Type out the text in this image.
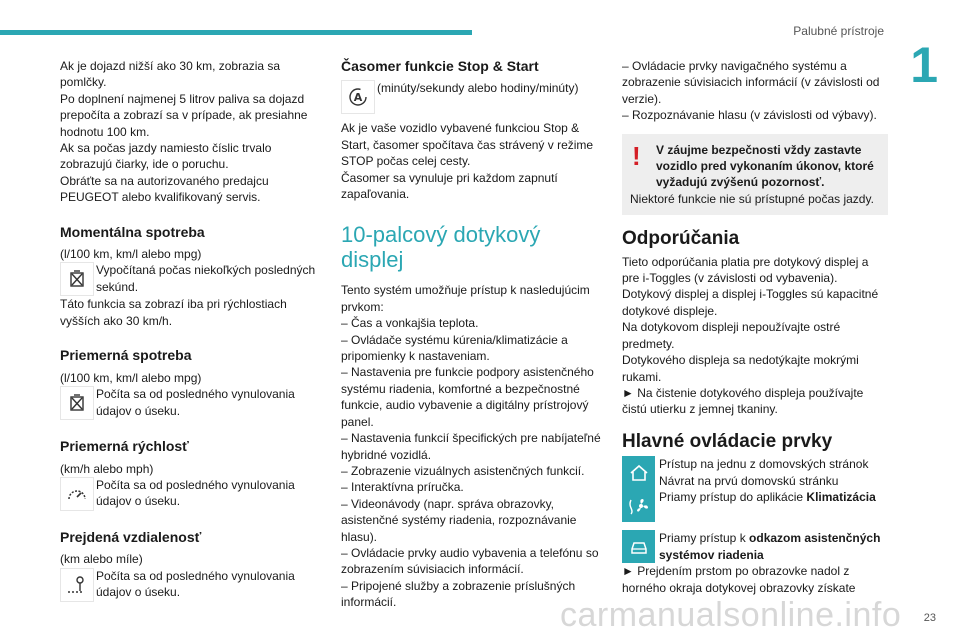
Palubné prístroje
1

Ak je dojazd nižší ako 30 km, zobrazia sa pomlčky.

Po doplnení najmenej 5 litrov paliva sa dojazd prepočíta a zobrazí sa v prípade, ak presiahne hodnotu 100 km.

Ak sa počas jazdy namiesto číslic trvalo zobrazujú čiarky, ide o poruchu.

Obráťte sa na autorizovaného predajcu PEUGEOT alebo kvalifikovaný servis.

Momentálna spotreba

(l/100 km, km/l alebo mpg)

Vypočítaná počas niekoľkých posledných sekúnd.

Táto funkcia sa zobrazí iba pri rýchlostiach vyšších ako 30 km/h.

Priemerná spotreba

(l/100 km, km/l alebo mpg)

Počíta sa od posledného vynulovania údajov o úseku.

Priemerná rýchlosť

(km/h alebo mph)

Počíta sa od posledného vynulovania údajov o úseku.

Prejdená vzdialenosť

(km alebo míle)

Počíta sa od posledného vynulovania údajov o úseku.

Časomer funkcie Stop & Start
A

(minúty/sekundy alebo hodiny/minúty)

Ak je vaše vozidlo vybavené funkciou Stop & Start, časomer spočítava čas strávený v režime STOP počas celej cesty.

Časomer sa vynuluje pri každom zapnutí zapaľovania.

10-palcový dotykový displej

Tento systém umožňuje prístup k nasledujúcim prvkom:

– Čas a vonkajšia teplota.

– Ovládače systému kúrenia/klimatizácie a pripomienky k nastaveniam.

– Nastavenia pre funkcie podpory asistenčného systému riadenia, komfortné a bezpečnostné funkcie, audio vybavenie a digitálny prístrojový panel.

– Nastavenia funkcií špecifických pre nabíjateľné hybridné vozidlá.

– Zobrazenie vizuálnych asistenčných funkcií.

– Interaktívna príručka.

– Videonávody (napr. správa obrazovky, asistenčné systémy riadenia, rozpoznávanie hlasu).

– Ovládacie prvky audio vybavenia a telefónu so zobrazením súvisiacich informácií.

– Pripojené služby a zobrazenie príslušných informácií.

– Ovládacie prvky navigačného systému a zobrazenie súvisiacich informácií (v závislosti od verzie).

– Rozpoznávanie hlasu (v závislosti od výbavy).

!	V záujme bezpečnosti vždy zastavte vozidlo pred vykonaním úkonov, ktoré vyžadujú zvýšenú pozornosť.

Niektoré funkcie nie sú prístupné počas jazdy.

Odporúčania

Tieto odporúčania platia pre dotykový displej a pre i-Toggles (v závislosti od vybavenia).

Dotykový displej a displej i-Toggles sú kapacitné dotykové displeje.

Na dotykovom displeji nepoužívajte ostré predmety.

Dotykového displeja sa nedotýkajte mokrými rukami.

► Na čistenie dotykového displeja používajte čistú utierku z jemnej tkaniny.

Hlavné ovládacie prvky

Prístup na jednu z domovských stránok

Návrat na prvú domovskú stránku

Priamy prístup do aplikácie Klimatizácia

Priamy prístup k odkazom asistenčných systémov riadenia

► Prejdením prstom po obrazovke nadol z horného okraja dotykovej obrazovky získate

carmanualsonline.info 23
